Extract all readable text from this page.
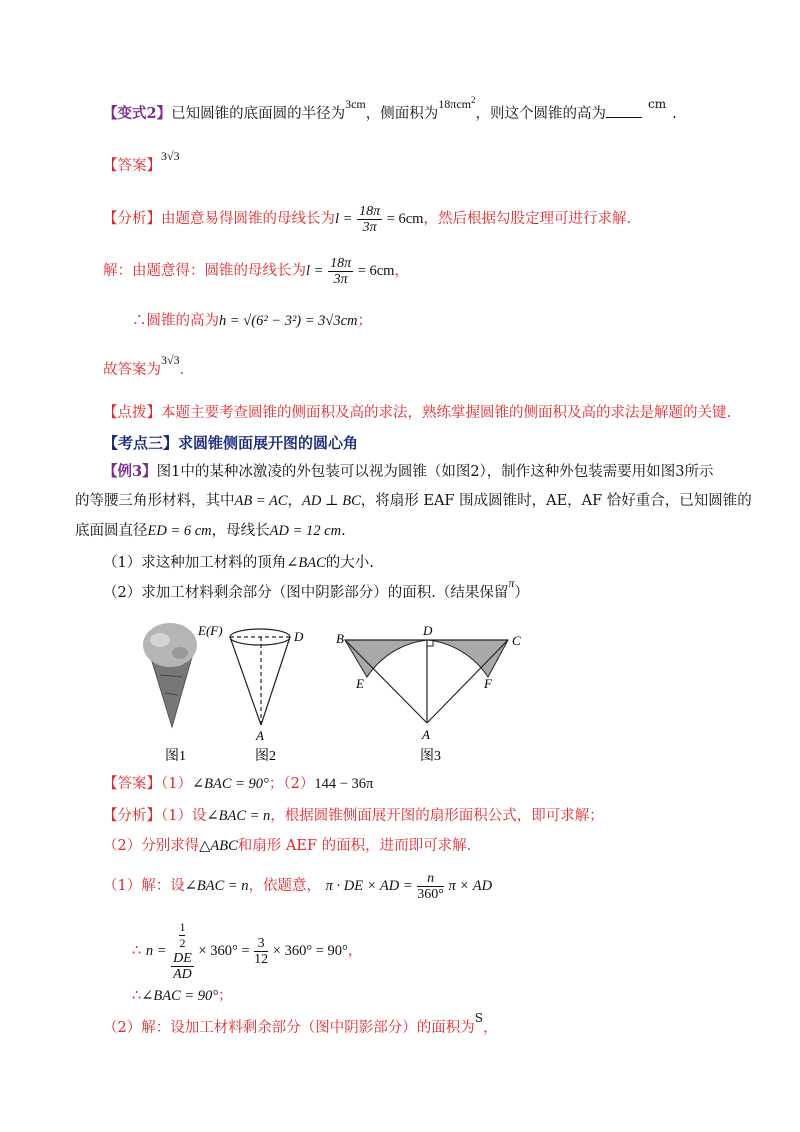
【变式2】已知圆锥的底面圆的半径为$^{3cm}$，侧面积为$^{18\pi cm^2}$，则这个圆锥的高为$^{cm}$.
【答案】$^{3√3}$
【分析】由题意易得圆锥的母线长为$l = \frac{18\pi}{3\pi} = 6cm$，然后根据勾股定理可进行求解.
解：由题意得：圆锥的母线长为$l = \frac{18\pi}{3\pi} = 6cm$，
∴圆锥的高为h = √(6² − 3²) = 3√3cm；
故答案为$^{3√3}$.
【点拨】本题主要考查圆锥的侧面积及高的求法，熟练掌握圆锥的侧面积及高的求法是解题的关键.
【考点三】求圆锥侧面展开图的圆心角
【例3】图1中的某种冰激凌的外包装可以视为圆锥（如图2），制作这种外包装需要用如图3所示
的等腰三角形材料，其中AB = AC，AD ⊥ BC，将扇形 EAF 围成圆锥时，AE，AF 恰好重合，已知圆锥的
底面圆直径ED = 6 cm，母线长AD = 12 cm.
（1）求这种加工材料的顶角∠BAC的大小.
（2）求加工材料剩余部分（图中阴影部分）的面积.（结果保留$^\pi$）
图1
E(F)	D
A
图2
B	C
D
E	F
A
图3
【答案】（1）∠BAC = 90°；（2）144 − 36π
【分析】（1）设∠BAC = n，根据圆锥侧面展开图的扇形面积公式，即可求解；
（2）分别求得△ABC和扇形 AEF 的面积，进而即可求解.
（1）解：设∠BAC = n，依题意， π · DE × AD = $\frac{n}{360^\circ}$ π × AD
∴ $n = \frac{1}{2}$
DE
AD × $360^\circ = \frac{3}{12} \times 360^\circ = 90^\circ$，
∴∠BAC = 90°；
（2）解：设加工材料剩余部分（图中阴影部分）的面积为$^S$，
